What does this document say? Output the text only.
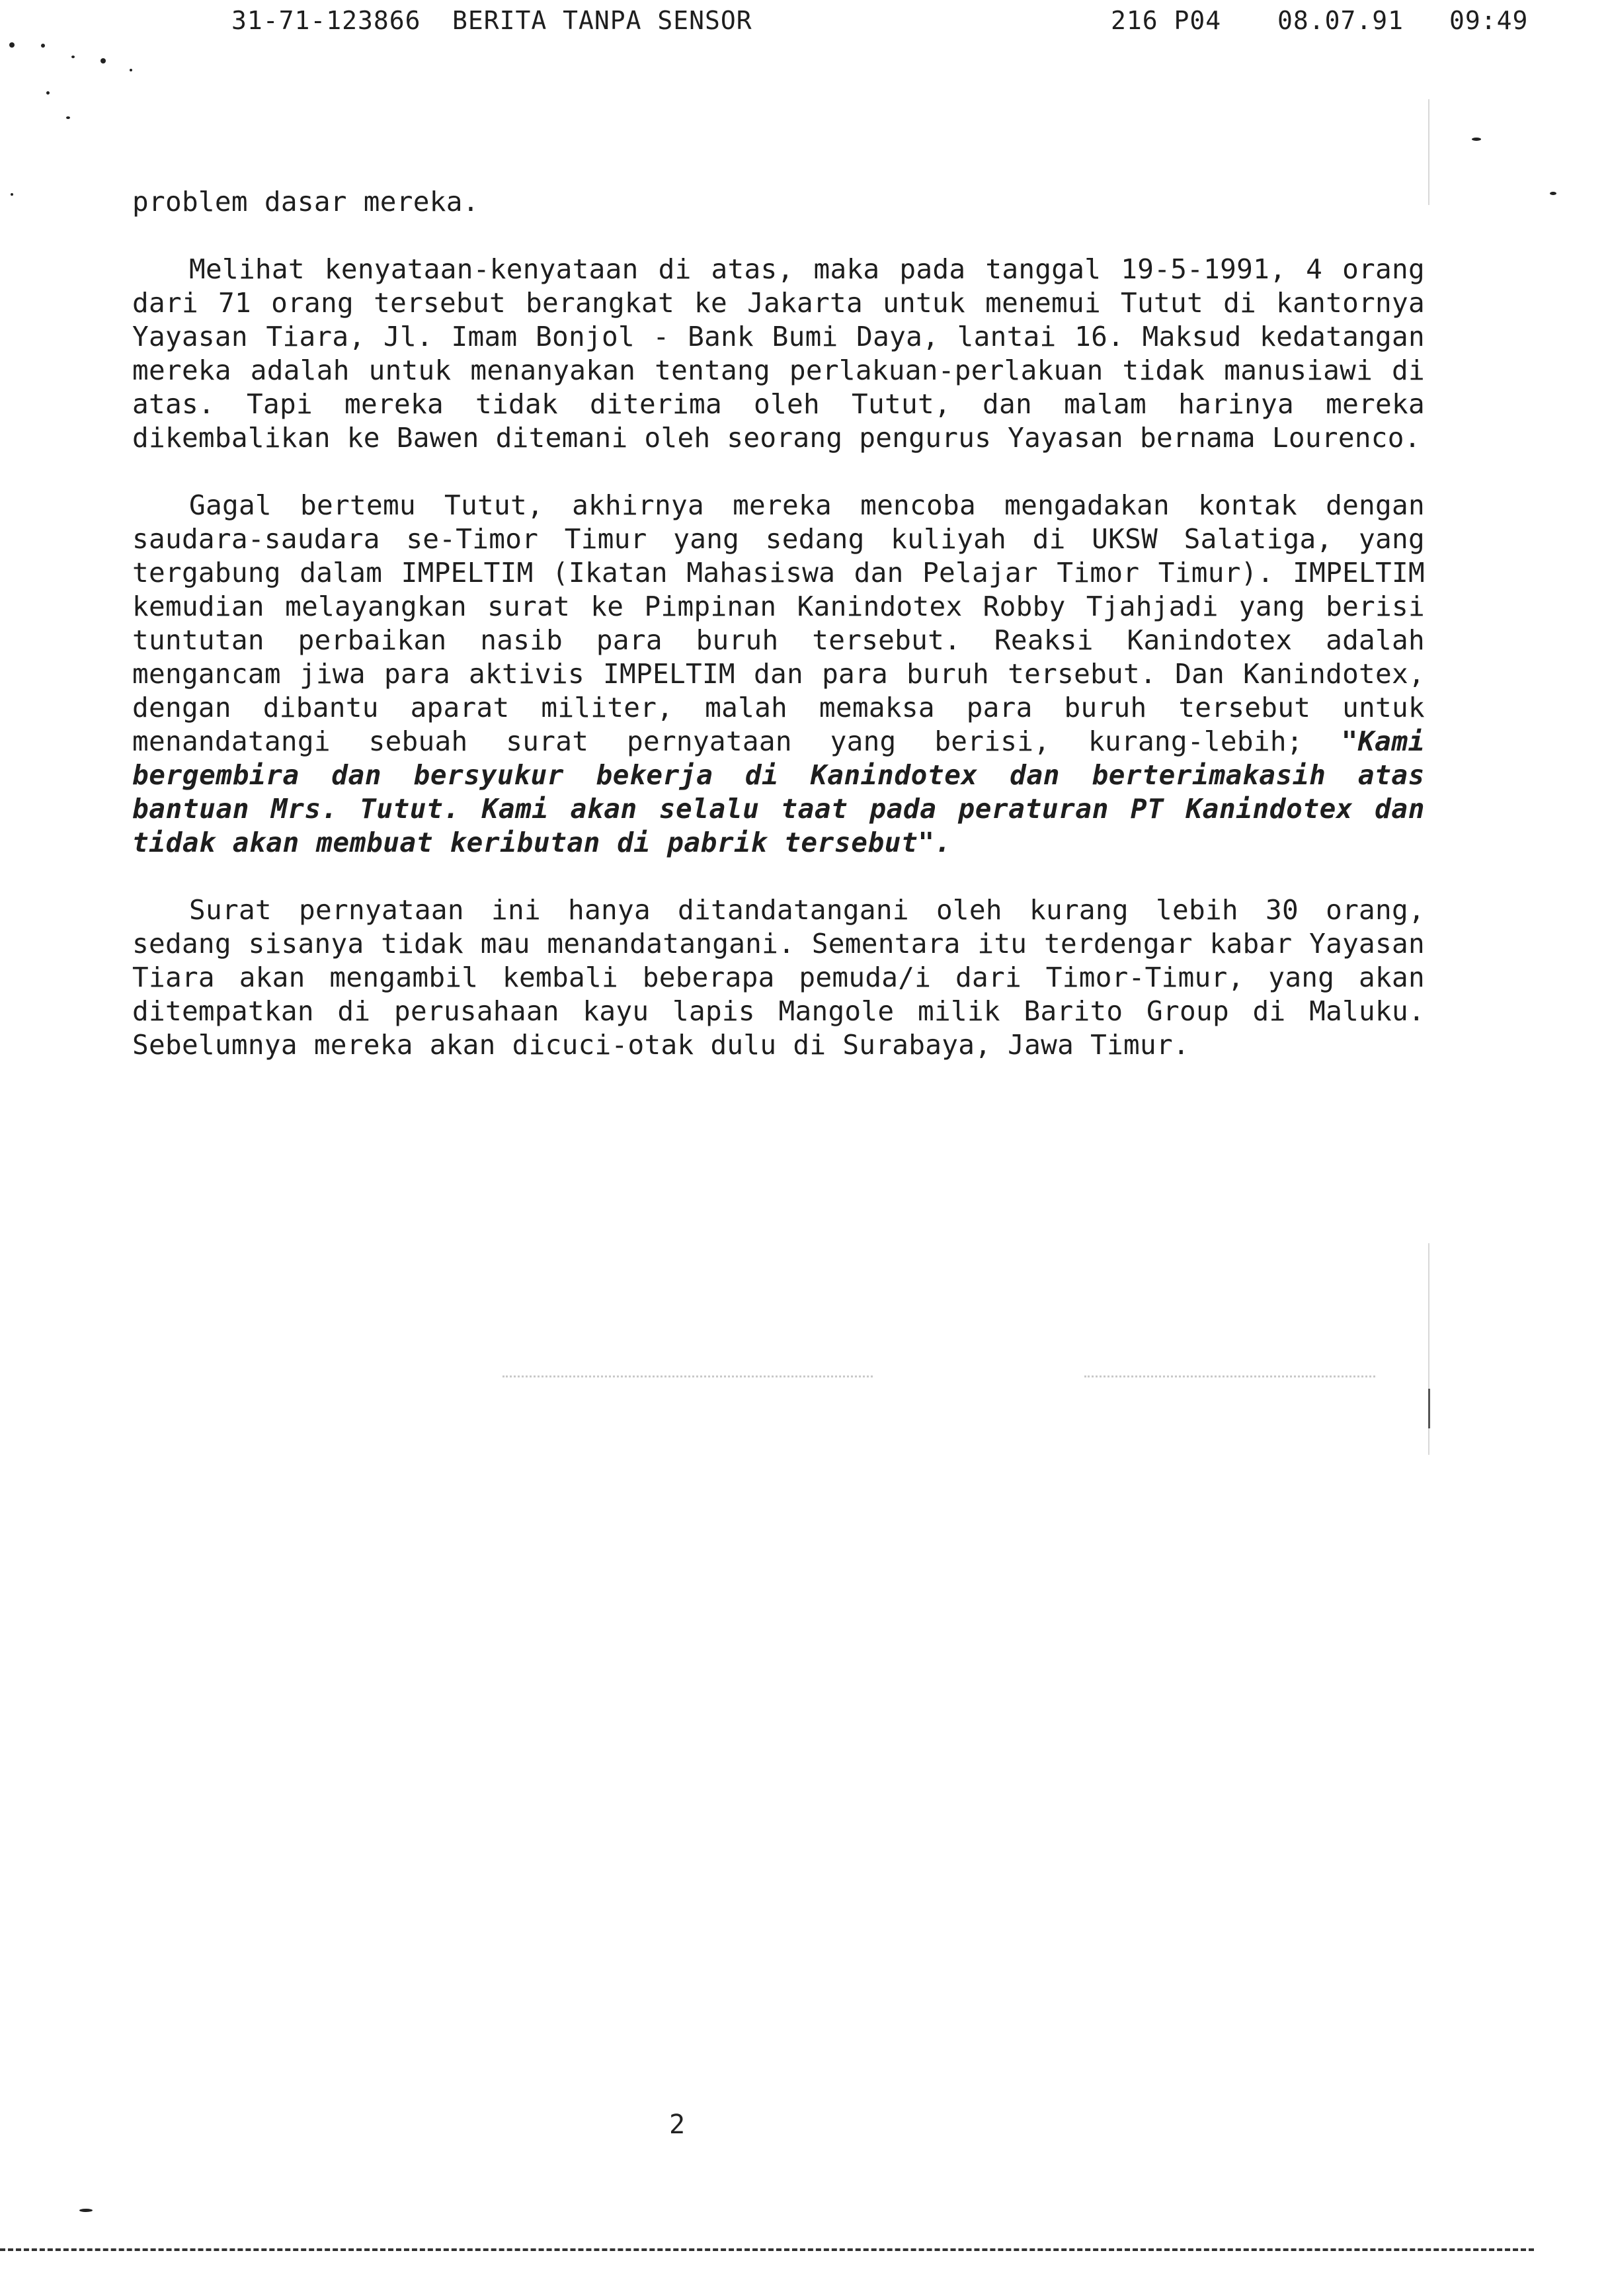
31-71-123866 BERITA TANPA SENSOR	216 P04 08.07.91 09:49

problem dasar mereka.

Melihat kenyataan-kenyataan di atas, maka pada tanggal 19-5-1991, 4 orang dari 71 orang tersebut berangkat ke Jakarta untuk menemui Tutut di kantornya Yayasan Tiara, Jl. Imam Bonjol - Bank Bumi Daya, lantai 16. Maksud kedatangan mereka adalah untuk menanyakan tentang perlakuan-perlakuan tidak manusiawi di atas. Tapi mereka tidak diterima oleh Tutut, dan malam harinya mereka dikembalikan ke Bawen ditemani oleh seorang pengurus Yayasan bernama Lourenco.

Gagal bertemu Tutut, akhirnya mereka mencoba mengadakan kontak dengan saudara-saudara se-Timor Timur yang sedang kuliyah di UKSW Salatiga, yang tergabung dalam IMPELTIM (Ikatan Mahasiswa dan Pelajar Timor Timur). IMPELTIM kemudian melayangkan surat ke Pimpinan Kanindotex Robby Tjahjadi yang berisi tuntutan perbaikan nasib para buruh tersebut. Reaksi Kanindotex adalah mengancam jiwa para aktivis IMPELTIM dan para buruh tersebut. Dan Kanindotex, dengan dibantu aparat militer, malah memaksa para buruh tersebut untuk menandatangi sebuah surat pernyataan yang berisi, kurang-lebih; "Kami bergembira dan bersyukur bekerja di Kanindotex dan berterimakasih atas bantuan Mrs. Tutut. Kami akan selalu taat pada peraturan PT Kanindotex dan tidak akan membuat keributan di pabrik tersebut".

Surat pernyataan ini hanya ditandatangani oleh kurang lebih 30 orang, sedang sisanya tidak mau menandatangani. Sementara itu terdengar kabar Yayasan Tiara akan mengambil kembali beberapa pemuda/i dari Timor-Timur, yang akan ditempatkan di perusahaan kayu lapis Mangole milik Barito Group di Maluku. Sebelumnya mereka akan dicuci-otak dulu di Surabaya, Jawa Timur.

2
